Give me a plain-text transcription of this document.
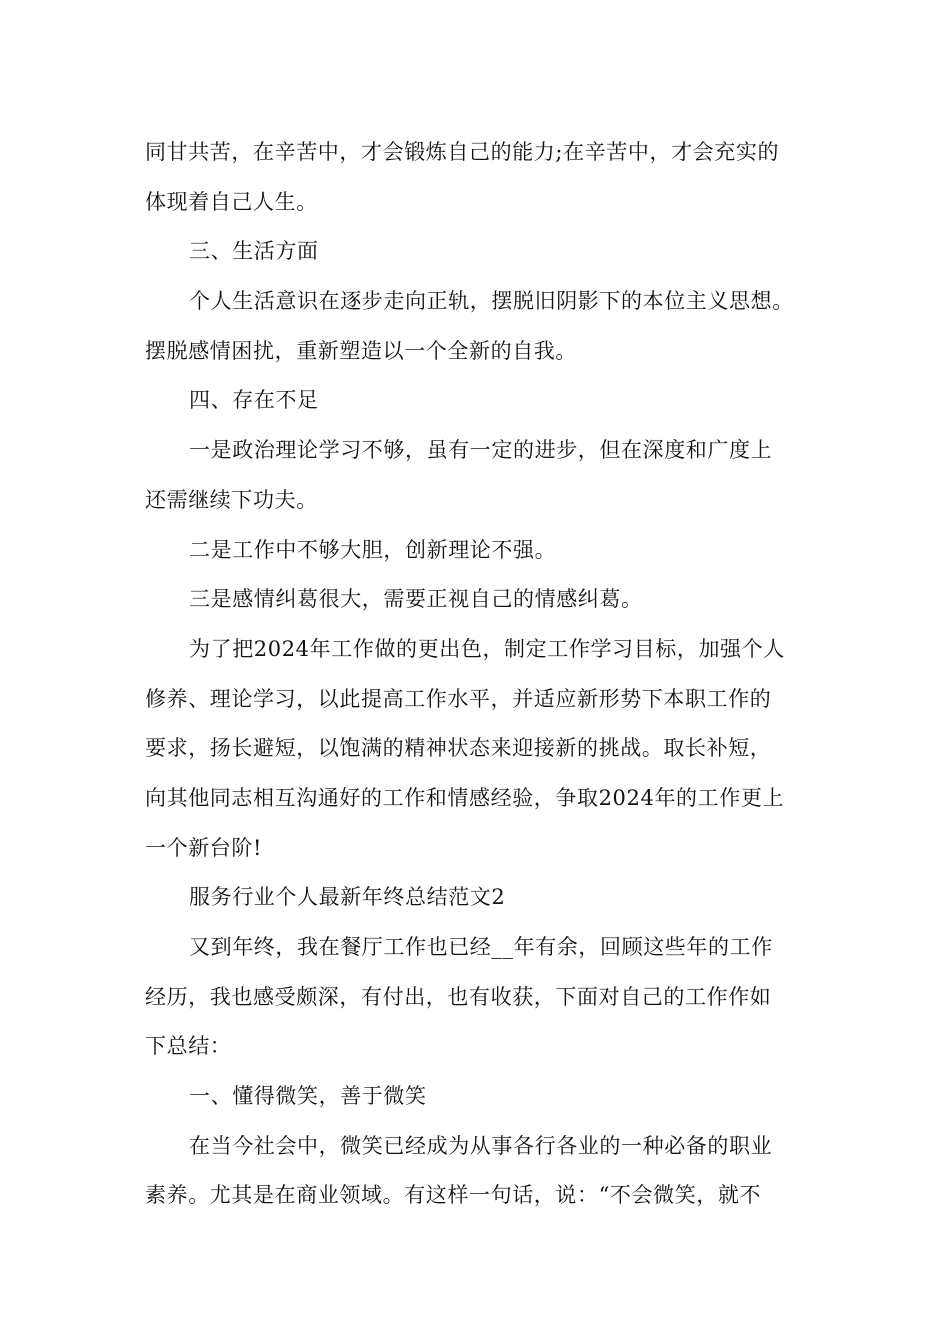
同甘共苦，在辛苦中，才会锻炼自己的能力;在辛苦中，才会充实的
体现着自己人生。
三、生活方面
个人生活意识在逐步走向正轨，摆脱旧阴影下的本位主义思想。
摆脱感情困扰，重新塑造以一个全新的自我。
四、存在不足
一是政治理论学习不够，虽有一定的进步，但在深度和广度上
还需继续下功夫。
二是工作中不够大胆，创新理论不强。
三是感情纠葛很大，需要正视自己的情感纠葛。
为了把2024年工作做的更出色，制定工作学习目标，加强个人
修养、理论学习，以此提高工作水平，并适应新形势下本职工作的
要求，扬长避短，以饱满的精神状态来迎接新的挑战。取长补短，
向其他同志相互沟通好的工作和情感经验，争取2024年的工作更上
一个新台阶!
服务行业个人最新年终总结范文2
又到年终，我在餐厅工作也已经__年有余，回顾这些年的工作
经历，我也感受颇深，有付出，也有收获，下面对自己的工作作如
下总结：
一、懂得微笑，善于微笑
在当今社会中，微笑已经成为从事各行各业的一种必备的职业
素养。尤其是在商业领域。有这样一句话，说：“不会微笑，就不
